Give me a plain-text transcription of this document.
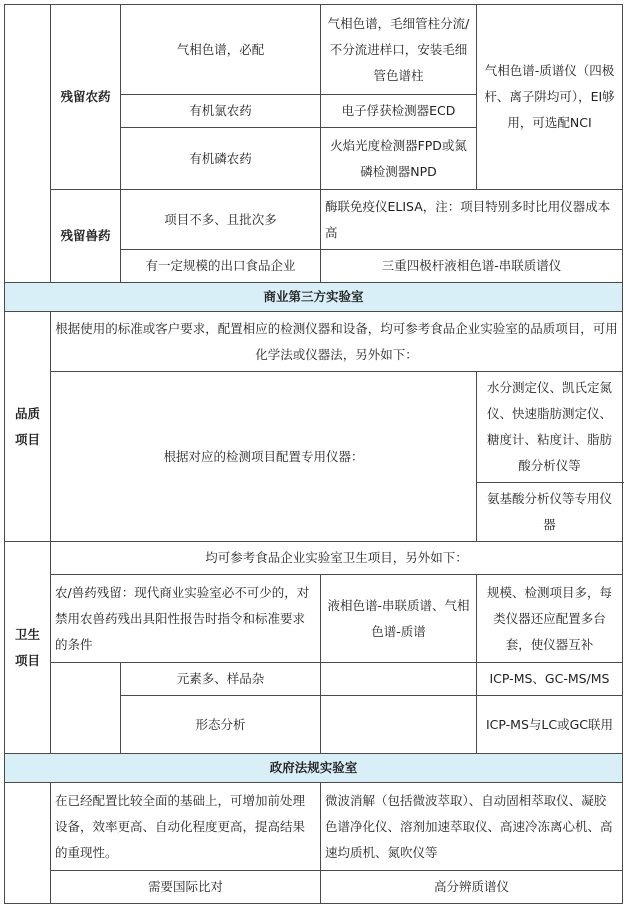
	残留农药	气相色谱，必配	气相色谱，毛细管柱分流/不分流进样口，安装毛细管色谱柱	气相色谱-质谱仪（四极杆、离子阱均可），EI够用，可选配NCI
		有机氯农药	电子俘获检测器ECD	
		有机磷农药	火焰光度检测器FPD或氮磷检测器NPD	
	残留兽药	项目不多、且批次多	酶联免疫仪ELISA，注：项目特别多时比用仪器成本高	
		有一定规模的出口食品企业	三重四极杆液相色谱-串联质谱仪	
商业第三方实验室				
品质项目	根据使用的标准或客户要求，配置相应的检测仪器和设备，均可参考食品企业实验室的品质项目，可用化学法或仪器法，另外如下：			
	根据对应的检测项目配置专用仪器：			水分测定仪、凯氏定氮仪、快速脂肪测定仪、糖度计、粘度计、脂肪酸分析仪等
				氨基酸分析仪等专用仪器
卫生项目	均可参考食品企业实验室卫生项目，另外如下：			
	农/兽药残留：现代商业实验室必不可少的，对禁用农兽药残出具阳性报告时指令和标准要求的条件		液相色谱-串联质谱、气相色谱-质谱	规模、检测项目多，每类仪器还应配置多台套，使仪器互补
		元素多、样品杂		ICP-MS、GC-MS/MS
		形态分析		ICP-MS与LC或GC联用

政府法规实验室				
	在已经配置比较全面的基础上，可增加前处理设备，效率更高、自动化程度更高，提高结果的重现性。		微波消解（包括微波萃取）、自动固相萃取仪、凝胶色谱净化仪、溶剂加速萃取仪、高速冷冻离心机、高速均质机、氮吹仪等	
	需要国际比对		高分辨质谱仪	
